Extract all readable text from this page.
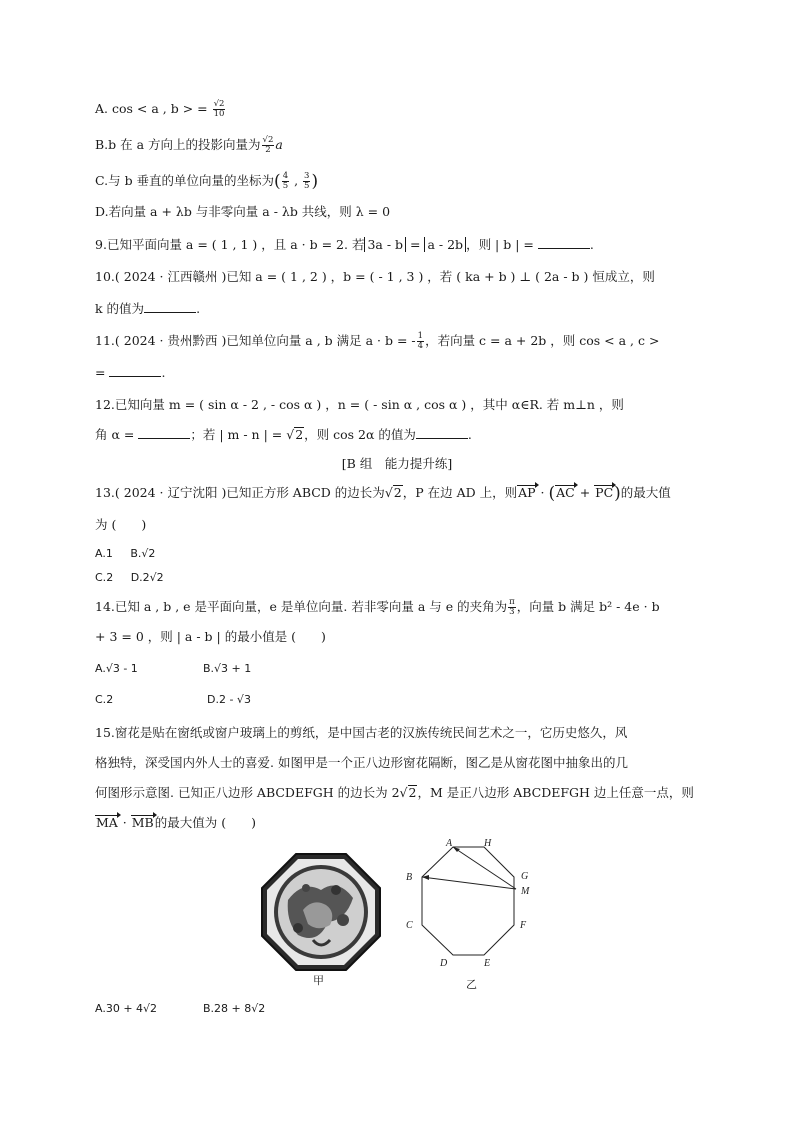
A. cos < a , b > = $\frac{√2}{10}$
B.b 在 a 方向上的投影向量为 $\frac{√2}{2}$ a
C.与 b 垂直的单位向量的坐标为( $\frac{4}{5}$ , $\frac{3}{5}$ )
D.若向量 a + λb 与非零向量 a - λb 共线，则 λ = 0
9.已知平面向量 a = ( 1 , 1 ) ，且 a · b = 2. 若 3a - b = a - 2b ，则 | b | =	.
10.( 2024 · 江西赣州 )已知 a = ( 1 , 2 ) ，b = ( - 1 , 3 ) ，若 ( ka + b ) ⊥ ( 2a - b ) 恒成立，则
k 的值为	.
11.( 2024 · 贵州黔西 )已知单位向量 a , b 满足 a · b = - $\frac{1}{4}$ ，若向量 c = a + 2b ，则 cos < a , c >
=	.
12.已知向量 m = ( sin α - 2 , - cos α ) ，n = ( - sin α , cos α ) ，其中 α∈R. 若 m⊥n ，则
角 α =	；若 | m - n | = √2，则 cos 2α 的值为	.
[B 组　能力提升练]
13.( 2024 · 辽宁沈阳 )已知正方形 ABCD 的边长为√2，P 在边 AD 上，则AP · (AC + PC)的最大值
为 (　　)
A.1 B.√2
C.2 D.2√2
14.已知 a , b , e 是平面向量，e 是单位向量. 若非零向量 a 与 e 的夹角为 $\frac{\pi}{3}$ ，向量 b 满足 b² - 4e · b
+ 3 = 0 ，则 | a - b | 的最小值是 (　　)
A.√3 - 1	B.√3 + 1
C.2	D.2 - √3
15.窗花是贴在窗纸或窗户玻璃上的剪纸，是中国古老的汉族传统民间艺术之一，它历史悠久，风
格独特，深受国内外人士的喜爱. 如图甲是一个正八边形窗花隔断，图乙是从窗花图中抽象出的几
何图形示意图. 已知正八边形 ABCDEFGH 的边长为 2√2，M 是正八边形 ABCDEFGH 边上任意一点，则
MA · MB的最大值为 (　　)
甲
A	H
G
M
F
E
D
C
B
乙
A.30 + 4√2	B.28 + 8√2
